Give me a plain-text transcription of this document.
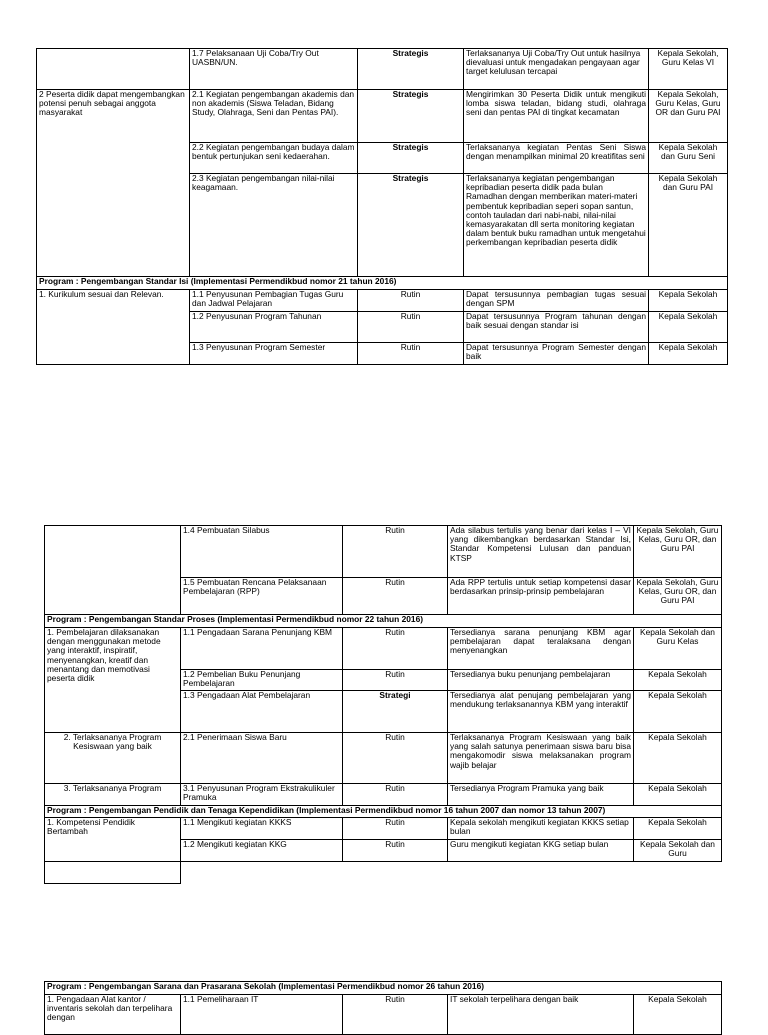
	1.7 Pelaksanaan Uji Coba/Try Out UASBN/UN.	Strategis	Terlaksananya Uji Coba/Try Out untuk hasilnya dievaluasi untuk mengadakan pengayaan agar target kelulusan tercapai	Kepala Sekolah, Guru Kelas VI
2 Peserta didik dapat mengembangkan potensi penuh sebagai anggota masyarakat	2.1 Kegiatan pengembangan akademis dan non akademis (Siswa Teladan, Bidang Study, Olahraga, Seni dan Pentas PAI).	Strategis	Mengirimkan 30 Peserta Didik untuk mengikuti lomba siswa teladan, bidang studi, olahraga seni dan pentas PAI di tingkat kecamatan	Kepala Sekolah, Guru Kelas, Guru OR dan Guru PAI
	2.2 Kegiatan pengembangan budaya dalam bentuk pertunjukan seni kedaerahan.	Strategis	Terlaksananya kegiatan Pentas Seni Siswa dengan menampilkan minimal 20 kreatifitas seni	Kepala Sekolah dan Guru Seni
	2.3 Kegiatan pengembangan nilai-nilai keagamaan.	Strategis	Terlaksananya kegiatan pengembangan kepribadian peserta didik pada bulan Ramadhan dengan memberikan materi-materi pembentuk kepribadian seperi sopan santun, contoh tauladan dari nabi-nabi, nilai-nilai kemasyarakatan dll serta monitoring kegiatan dalam bentuk buku ramadhan untuk mengetahui perkembangan kepribadian peserta didik	Kepala Sekolah dan Guru PAI
Program : Pengembangan Standar Isi (Implementasi Permendikbud nomor 21 tahun 2016)				
1. Kurikulum sesuai dan Relevan.	1.1 Penyusunan Pembagian Tugas Guru dan Jadwal Pelajaran	Rutin	Dapat tersusunnya pembagian tugas sesuai dengan SPM	Kepala Sekolah
	1.2 Penyusunan Program Tahunan	Rutin	Dapat tersusunnya Program tahunan dengan baik sesuai dengan standar isi	Kepala Sekolah
	1.3 Penyusunan Program Semester	Rutin	Dapat tersusunnya Program Semester dengan baik	Kepala Sekolah
	1.4 Pembuatan Silabus	Rutin	Ada silabus tertulis yang benar dari kelas I – VI yang dikembangkan berdasarkan Standar Isi, Standar Kompetensi Lulusan dan panduan KTSP	Kepala Sekolah, Guru Kelas, Guru OR, dan Guru PAI
	1.5 Pembuatan Rencana Pelaksanaan Pembelajaran (RPP)	Rutin	Ada RPP tertulis untuk setiap kompetensi dasar berdasarkan prinsip-prinsip pembelajaran	Kepala Sekolah, Guru Kelas, Guru OR, dan Guru PAI
Program : Pengembangan Standar Proses (Implementasi Permendikbud nomor 22 tahun 2016)				
1. Pembelajaran dilaksanakan dengan menggunakan metode yang interaktif, inspiratif, menyenangkan, kreatif dan menantang dan memotivasi peserta didik	1.1 Pengadaan Sarana Penunjang KBM	Rutin	Tersedianya sarana penunjang KBM agar pembelajaran dapat teralaksana dengan menyenangkan	Kepala Sekolah dan Guru Kelas
	1.2 Pembelian Buku Penunjang Pembelajaran	Rutin	Tersedianya buku penunjang pembelajaran	Kepala Sekolah
	1.3 Pengadaan Alat Pembelajaran	Strategi	Tersedianya alat penujang pembelajaran yang mendukung terlaksanannya KBM yang interaktif	Kepala Sekolah
2. Terlaksananya Program Kesiswaan yang baik	2.1 Penerimaan Siswa Baru	Rutin	Terlaksananya Program Kesiswaan yang baik yang salah satunya penerimaan siswa baru bisa mengakomodir siswa melaksanakan program wajib belajar	Kepala Sekolah
3. Terlaksananya Program	3.1 Penyusunan Program Ekstrakulikuler Pramuka	Rutin	Tersedianya Program Pramuka yang baik	Kepala Sekolah
Program : Pengembangan Pendidik dan Tenaga Kependidikan (Implementasi Permendikbud nomor 16 tahun 2007 dan nomor 13 tahun 2007)				
1. Kompetensi Pendidik Bertambah	1.1 Mengikuti kegiatan KKKS	Rutin	Kepala sekolah mengikuti kegiatan KKKS setiap bulan	Kepala Sekolah
	1.2 Mengikuti kegiatan KKG	Rutin	Guru mengikuti kegiatan KKG setiap bulan	Kepala Sekolah dan Guru
Program : Pengembangan Sarana dan Prasarana Sekolah (Implementasi Permendikbud nomor 26 tahun 2016)
1. Pengadaan Alat kantor / inventaris sekolah dan terpelihara dengan	1.1 Pemeliharaan IT	Rutin	IT sekolah terpelihara dengan baik	Kepala Sekolah
